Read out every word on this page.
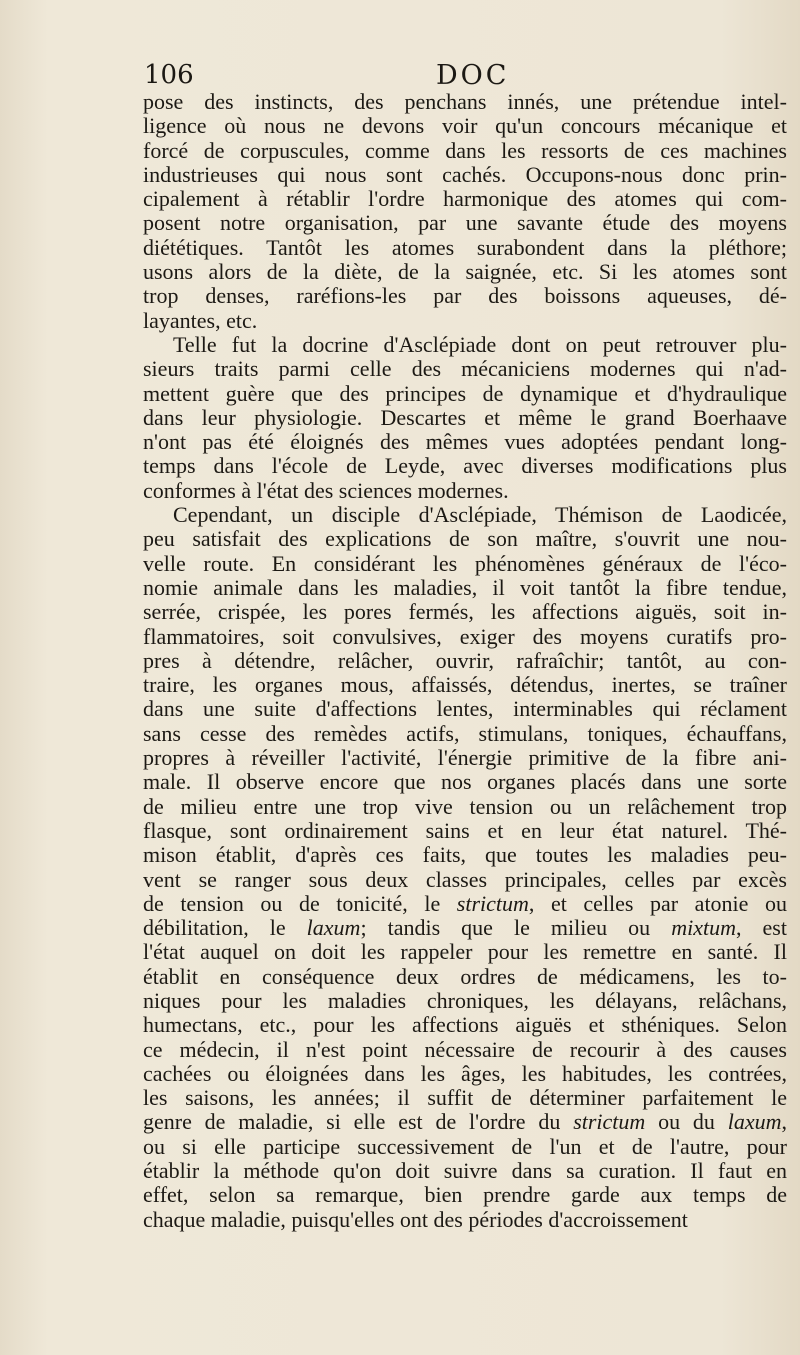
106	DOC

pose des instincts, des penchans innés, une prétendue intel-
ligence où nous ne devons voir qu'un concours mécanique et
forcé de corpuscules, comme dans les ressorts de ces machines
industrieuses qui nous sont cachés. Occupons-nous donc prin-
cipalement à rétablir l'ordre harmonique des atomes qui com-
posent notre organisation, par une savante étude des moyens
diététiques. Tantôt les atomes surabondent dans la pléthore;
usons alors de la diète, de la saignée, etc. Si les atomes sont
trop denses, raréfions-les par des boissons aqueuses, dé-
layantes, etc.

Telle fut la docrine d'Asclépiade dont on peut retrouver plu-
sieurs traits parmi celle des mécaniciens modernes qui n'ad-
mettent guère que des principes de dynamique et d'hydraulique
dans leur physiologie. Descartes et même le grand Boerhaave
n'ont pas été éloignés des mêmes vues adoptées pendant long-
temps dans l'école de Leyde, avec diverses modifications plus
conformes à l'état des sciences modernes.

Cependant, un disciple d'Asclépiade, Thémison de Laodicée,
peu satisfait des explications de son maître, s'ouvrit une nou-
velle route. En considérant les phénomènes généraux de l'éco-
nomie animale dans les maladies, il voit tantôt la fibre tendue,
serrée, crispée, les pores fermés, les affections aiguës, soit in-
flammatoires, soit convulsives, exiger des moyens curatifs pro-
pres à détendre, relâcher, ouvrir, rafraîchir; tantôt, au con-
traire, les organes mous, affaissés, détendus, inertes, se traîner
dans une suite d'affections lentes, interminables qui réclament
sans cesse des remèdes actifs, stimulans, toniques, échauffans,
propres à réveiller l'activité, l'énergie primitive de la fibre ani-
male. Il observe encore que nos organes placés dans une sorte
de milieu entre une trop vive tension ou un relâchement trop
flasque, sont ordinairement sains et en leur état naturel. Thé-
mison établit, d'après ces faits, que toutes les maladies peu-
vent se ranger sous deux classes principales, celles par excès
de tension ou de tonicité, le strictum, et celles par atonie ou
débilitation, le laxum; tandis que le milieu ou mixtum, est
l'état auquel on doit les rappeler pour les remettre en santé. Il
établit en conséquence deux ordres de médicamens, les to-
niques pour les maladies chroniques, les délayans, relâchans,
humectans, etc., pour les affections aiguës et sthéniques. Selon
ce médecin, il n'est point nécessaire de recourir à des causes
cachées ou éloignées dans les âges, les habitudes, les contrées,
les saisons, les années; il suffit de déterminer parfaitement le
genre de maladie, si elle est de l'ordre du strictum ou du laxum,
ou si elle participe successivement de l'un et de l'autre, pour
établir la méthode qu'on doit suivre dans sa curation. Il faut en
effet, selon sa remarque, bien prendre garde aux temps de
chaque maladie, puisqu'elles ont des périodes d'accroissement
